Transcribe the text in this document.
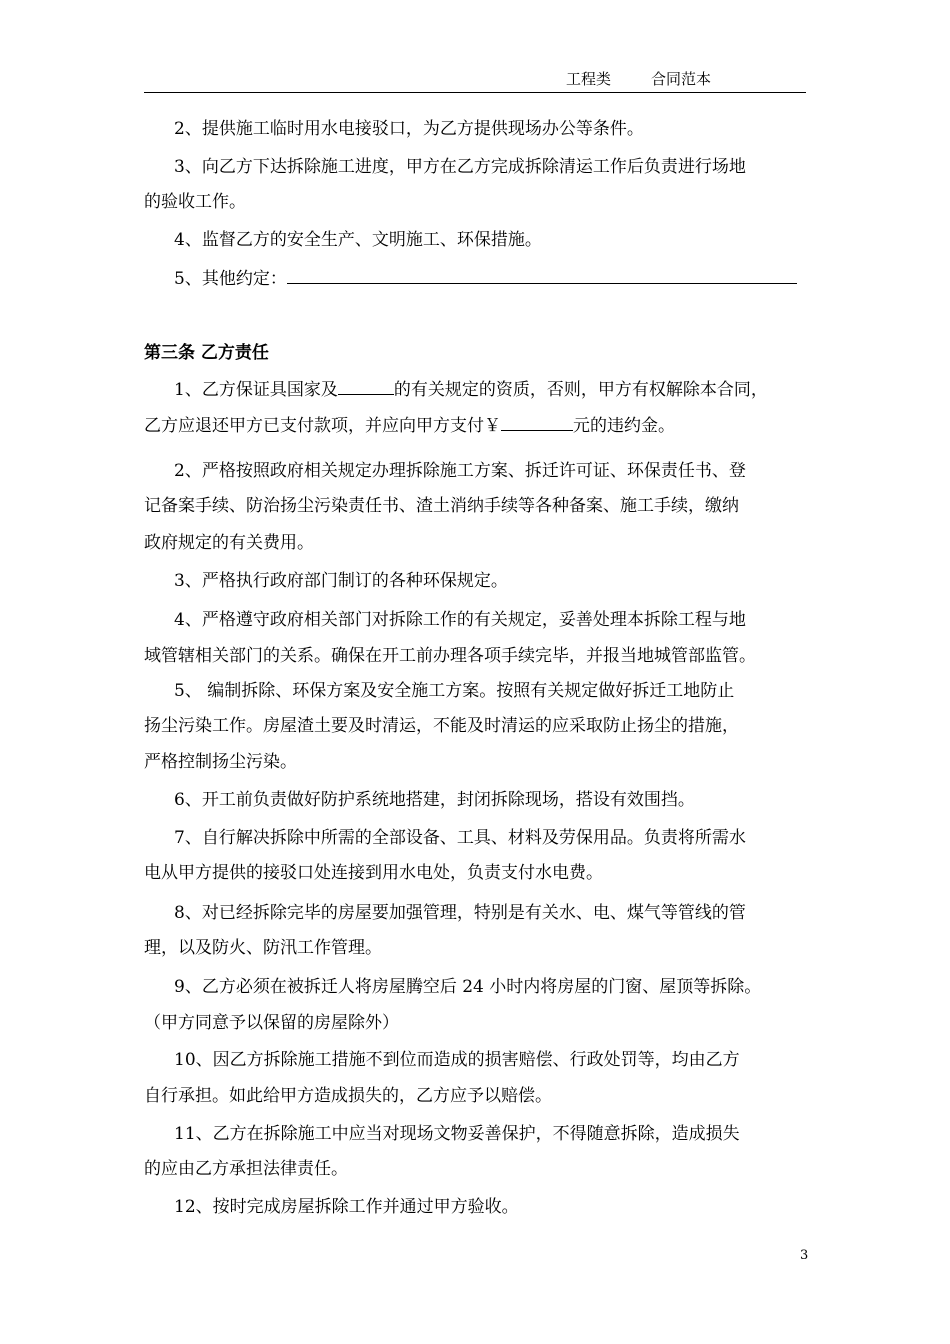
工程类	合同范本
2、提供施工临时用水电接驳口，为乙方提供现场办公等条件。
3、向乙方下达拆除施工进度，甲方在乙方完成拆除清运工作后负责进行场地
的验收工作。
4、监督乙方的安全生产、文明施工、环保措施。
5、其他约定：
第三条 乙方责任
1、乙方保证具国家及	的有关规定的资质，否则，甲方有权解除本合同，
乙方应退还甲方已支付款项，并应向甲方支付￥	元的违约金。
2、严格按照政府相关规定办理拆除施工方案、拆迁许可证、环保责任书、登
记备案手续、防治扬尘污染责任书、渣土消纳手续等各种备案、施工手续，缴纳
政府规定的有关费用。
3、严格执行政府部门制订的各种环保规定。
4、严格遵守政府相关部门对拆除工作的有关规定，妥善处理本拆除工程与地
域管辖相关部门的关系。确保在开工前办理各项手续完毕，并报当地城管部监管。
5、 编制拆除、环保方案及安全施工方案。按照有关规定做好拆迁工地防止
扬尘污染工作。房屋渣土要及时清运，不能及时清运的应采取防止扬尘的措施，
严格控制扬尘污染。
6、开工前负责做好防护系统地搭建，封闭拆除现场，搭设有效围挡。
7、自行解决拆除中所需的全部设备、工具、材料及劳保用品。负责将所需水
电从甲方提供的接驳口处连接到用水电处，负责支付水电费。
8、对已经拆除完毕的房屋要加强管理，特别是有关水、电、煤气等管线的管
理，以及防火、防汛工作管理。
9、乙方必须在被拆迁人将房屋腾空后 24 小时内将房屋的门窗、屋顶等拆除。
（甲方同意予以保留的房屋除外）
10、因乙方拆除施工措施不到位而造成的损害赔偿、行政处罚等，均由乙方
自行承担。如此给甲方造成损失的，乙方应予以赔偿。
11、乙方在拆除施工中应当对现场文物妥善保护，不得随意拆除，造成损失
的应由乙方承担法律责任。
12、按时完成房屋拆除工作并通过甲方验收。
3
